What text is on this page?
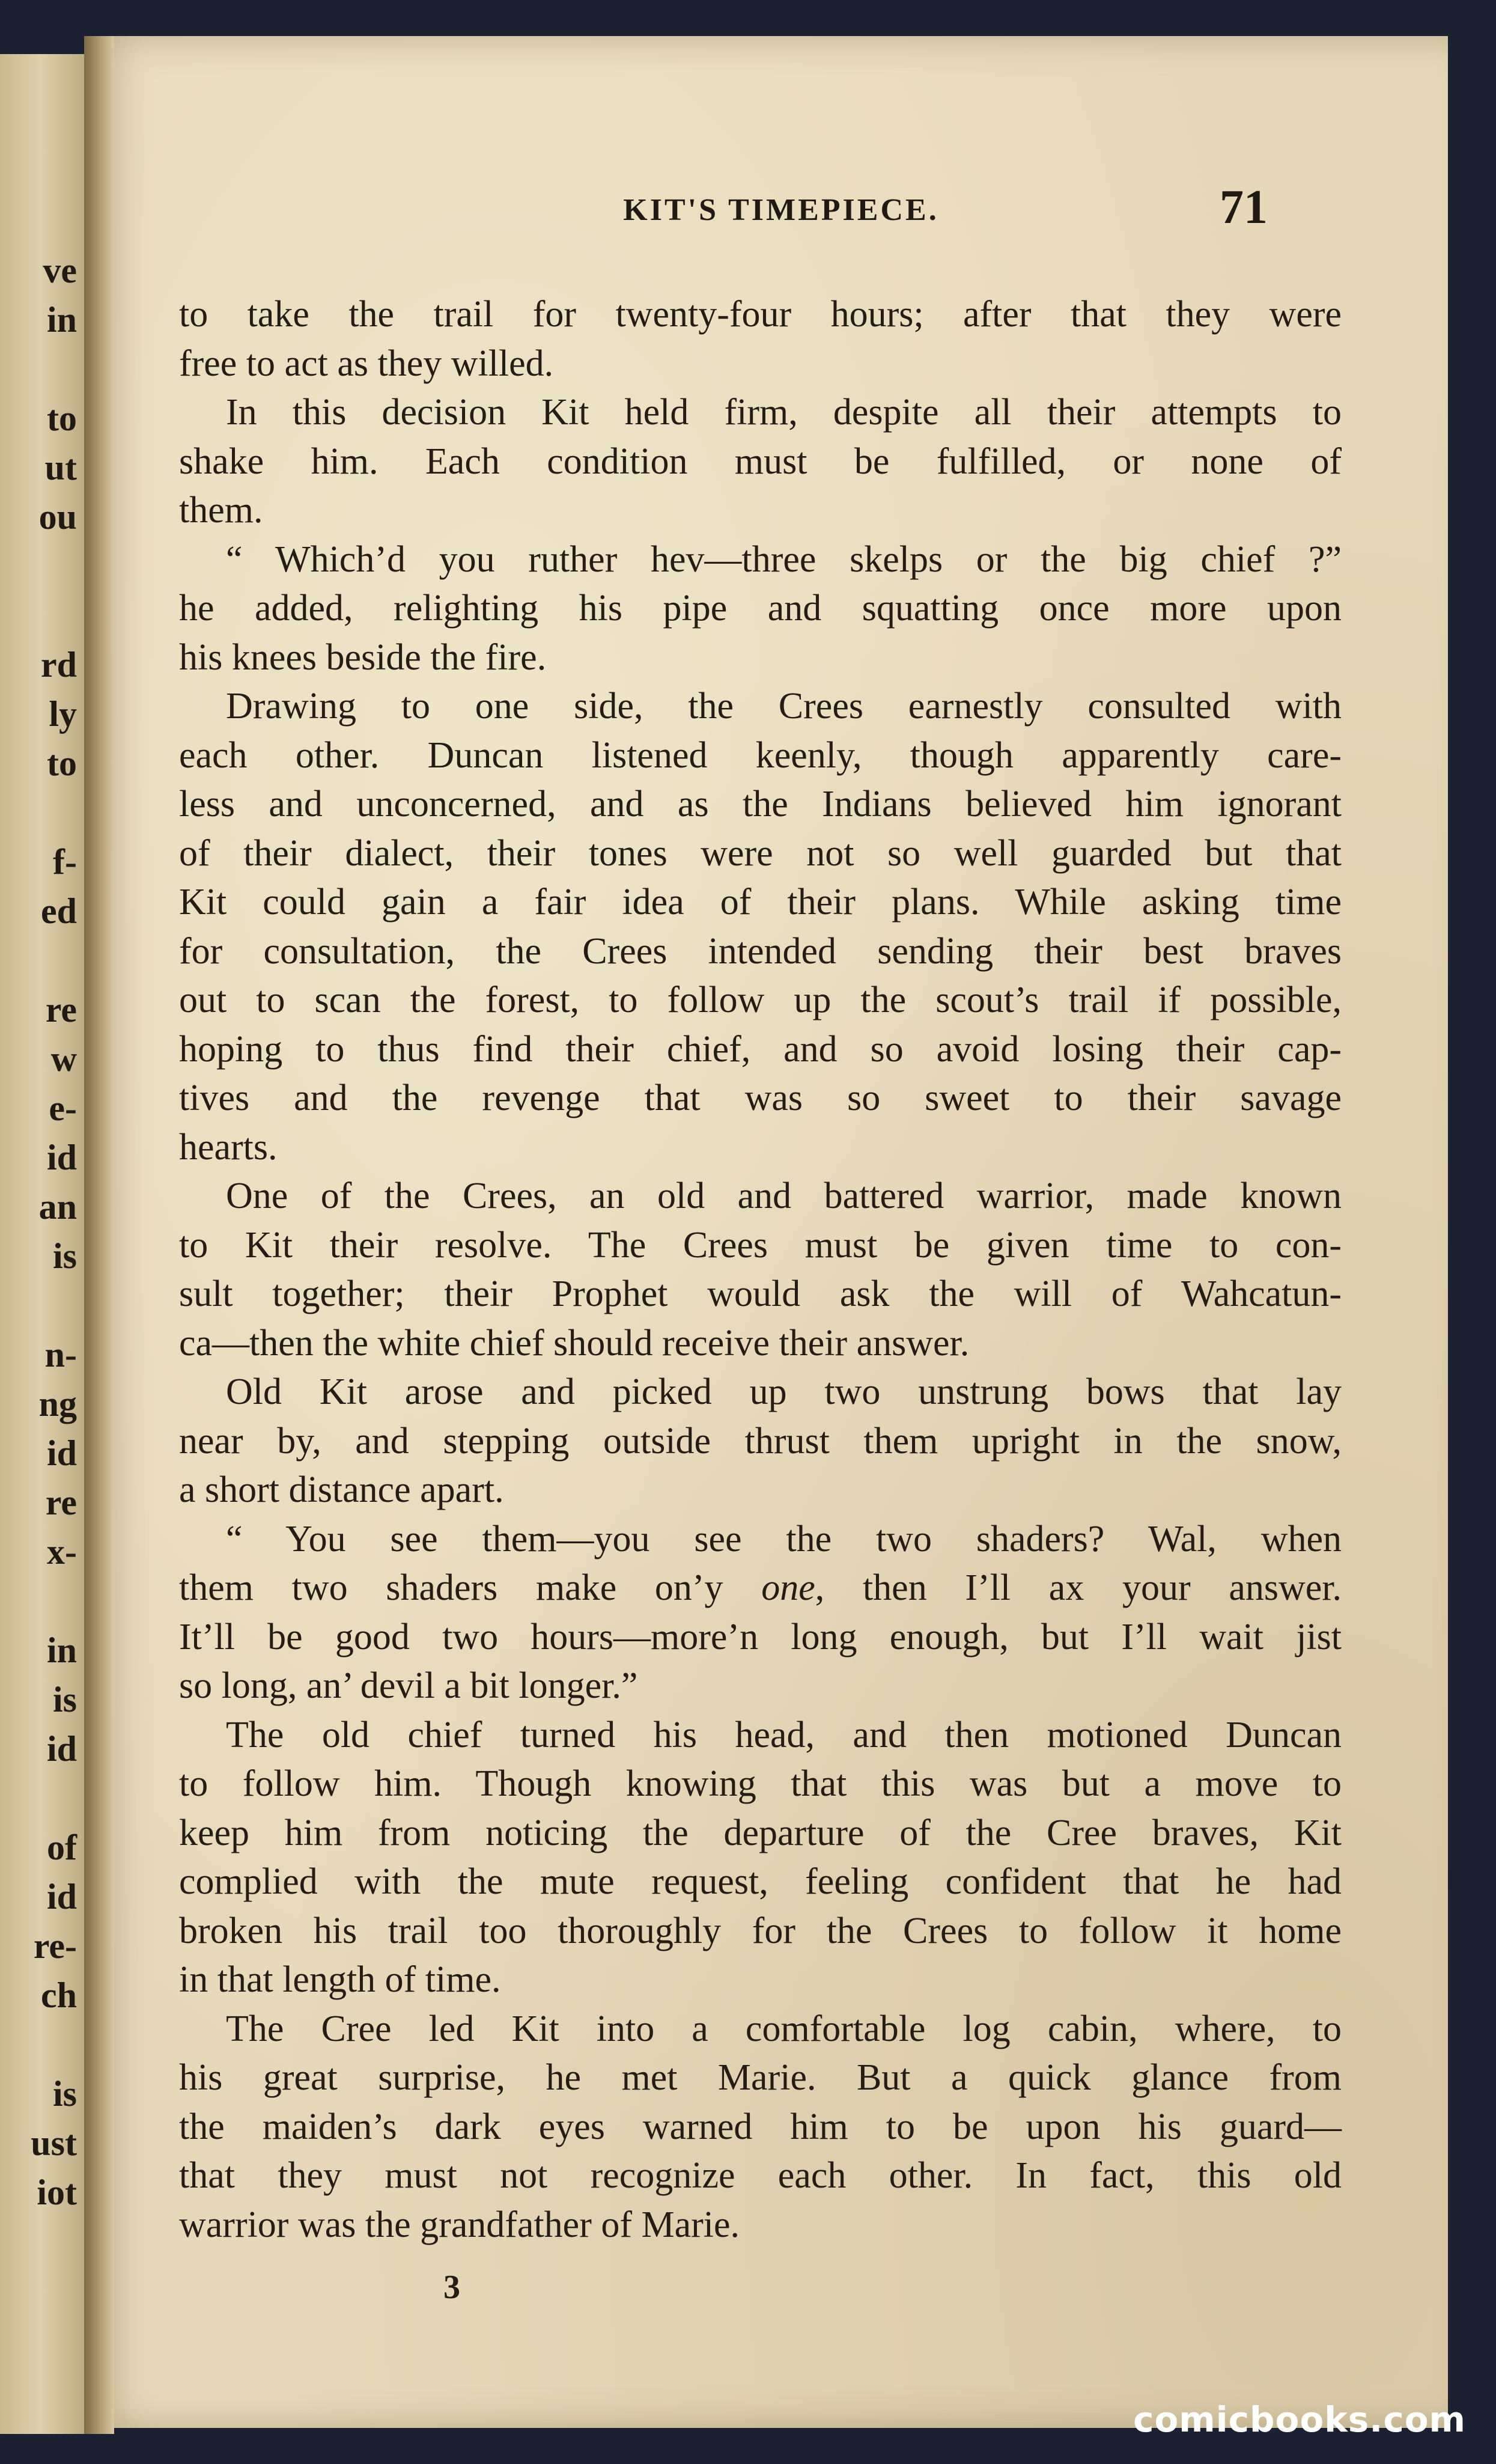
ve
in
to
ut
ou
rd
ly
to
f-
ed
re
w
e-
id
an
is
n-
ng
id
re
x-
in
is
id
of
id
re-
ch
is
ust
iot
KIT'S TIMEPIECE.	71
to take the trail for twenty-four hours; after that they were
free to act as they willed.
In this decision Kit held firm, despite all their attempts to
shake him. Each condition must be fulfilled, or none of
them.
“ Which’d you ruther hev—three skelps or the big chief ?”
he added, relighting his pipe and squatting once more upon
his knees beside the fire.
Drawing to one side, the Crees earnestly consulted with
each other. Duncan listened keenly, though apparently care-
less and unconcerned, and as the Indians believed him ignorant
of their dialect, their tones were not so well guarded but that
Kit could gain a fair idea of their plans. While asking time
for consultation, the Crees intended sending their best braves
out to scan the forest, to follow up the scout’s trail if possible,
hoping to thus find their chief, and so avoid losing their cap-
tives and the revenge that was so sweet to their savage
hearts.
One of the Crees, an old and battered warrior, made known
to Kit their resolve. The Crees must be given time to con-
sult together; their Prophet would ask the will of Wahcatun-
ca—then the white chief should receive their answer.
Old Kit arose and picked up two unstrung bows that lay
near by, and stepping outside thrust them upright in the snow,
a short distance apart.
“ You see them—you see the two shaders? Wal, when
them two shaders make on’y one, then I’ll ax your answer.
It’ll be good two hours—more’n long enough, but I’ll wait jist
so long, an’ devil a bit longer.”
The old chief turned his head, and then motioned Duncan
to follow him. Though knowing that this was but a move to
keep him from noticing the departure of the Cree braves, Kit
complied with the mute request, feeling confident that he had
broken his trail too thoroughly for the Crees to follow it home
in that length of time.
The Cree led Kit into a comfortable log cabin, where, to
his great surprise, he met Marie. But a quick glance from
the maiden’s dark eyes warned him to be upon his guard—
that they must not recognize each other. In fact, this old
warrior was the grandfather of Marie.
3
comicbooks.com
